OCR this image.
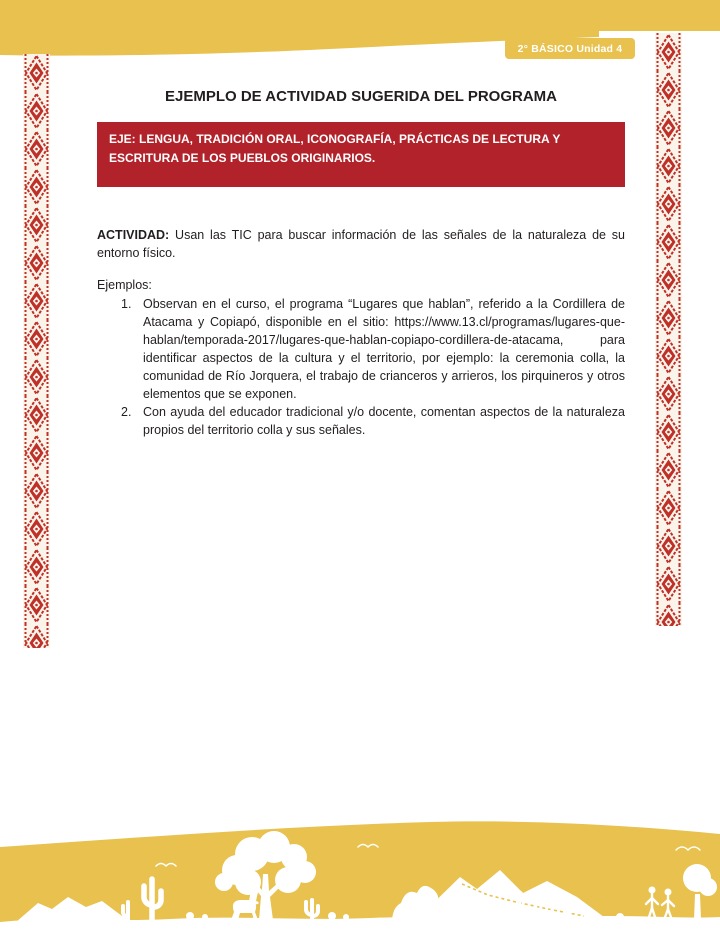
2° BÁSICO Unidad 4
EJEMPLO DE ACTIVIDAD SUGERIDA DEL PROGRAMA
EJE: LENGUA, TRADICIÓN ORAL, ICONOGRAFÍA, PRÁCTICAS DE LECTURA Y ESCRITURA DE LOS PUEBLOS ORIGINARIOS.

ACTIVIDAD: Usan las TIC para buscar información de las señales de la naturaleza de su entorno físico.

Ejemplos:

1. Observan en el curso, el programa “Lugares que hablan”, referido a la Cordillera de Atacama y Copiapó, disponible en el sitio: https://www.13.cl/programas/lugares-que-hablan/temporada-2017/lugares-que-hablan-copiapo-cordillera-de-atacama, para identificar aspectos de la cultura y el territorio, por ejemplo: la ceremonia colla, la comunidad de Río Jorquera, el trabajo de crianceros y arrieros, los pirquineros y otros elementos que se exponen.
2. Con ayuda del educador tradicional y/o docente, comentan aspectos de la naturaleza propios del territorio colla y sus señales.
